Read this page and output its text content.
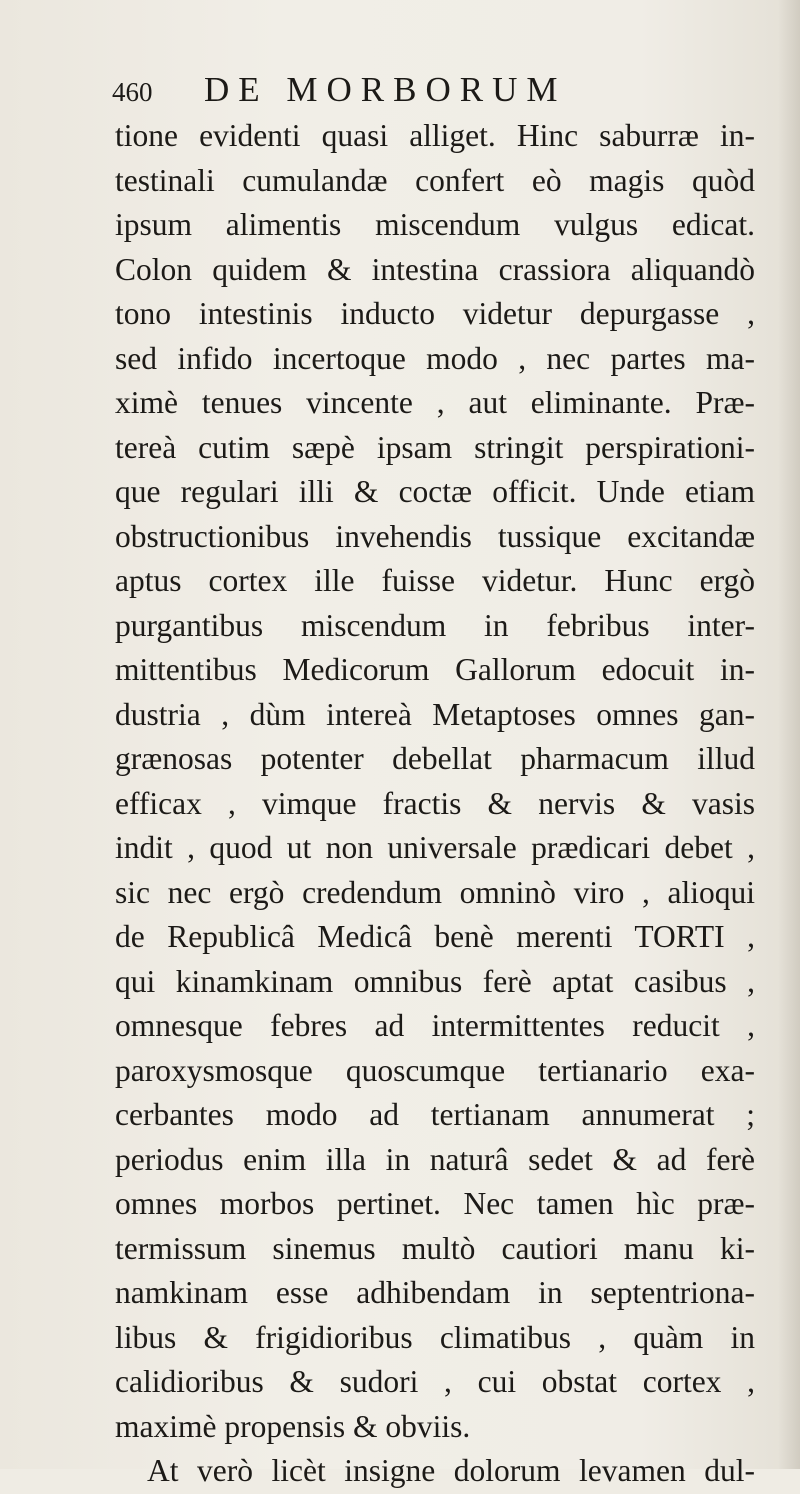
460	DE MORBORUM
tione evidenti quasi alliget. Hinc saburræ in-
testinali cumulandæ confert eò magis quòd
ipsum alimentis miscendum vulgus edicat.
Colon quidem & intestina crassiora aliquandò
tono intestinis inducto videtur depurgasse ,
sed infido incertoque modo , nec partes ma-
ximè tenues vincente , aut eliminante. Præ-
tereà cutim sæpè ipsam stringit perspirationi-
que regulari illi & coctæ officit. Unde etiam
obstructionibus invehendis tussique excitandæ
aptus cortex ille fuisse videtur. Hunc ergò
purgantibus miscendum in febribus inter-
mittentibus Medicorum Gallorum edocuit in-
dustria , dùm intereà Metaptoses omnes gan-
grænosas potenter debellat pharmacum illud
efficax , vimque fractis & nervis & vasis
indit , quod ut non universale prædicari debet ,
sic nec ergò credendum omninò viro , alioqui
de Republicâ Medicâ benè merenti TORTI ,
qui kinamkinam omnibus ferè aptat casibus ,
omnesque febres ad intermittentes reducit ,
paroxysmosque quoscumque tertianario exa-
cerbantes modo ad tertianam annumerat ;
periodus enim illa in naturâ sedet & ad ferè
omnes morbos pertinet. Nec tamen hìc præ-
termissum sinemus multò cautiori manu ki-
namkinam esse adhibendam in septentriona-
libus & frigidioribus climatibus , quàm in
calidioribus & sudori , cui obstat cortex ,
maximè propensis & obviis.
At verò licèt insigne dolorum levamen dul-
